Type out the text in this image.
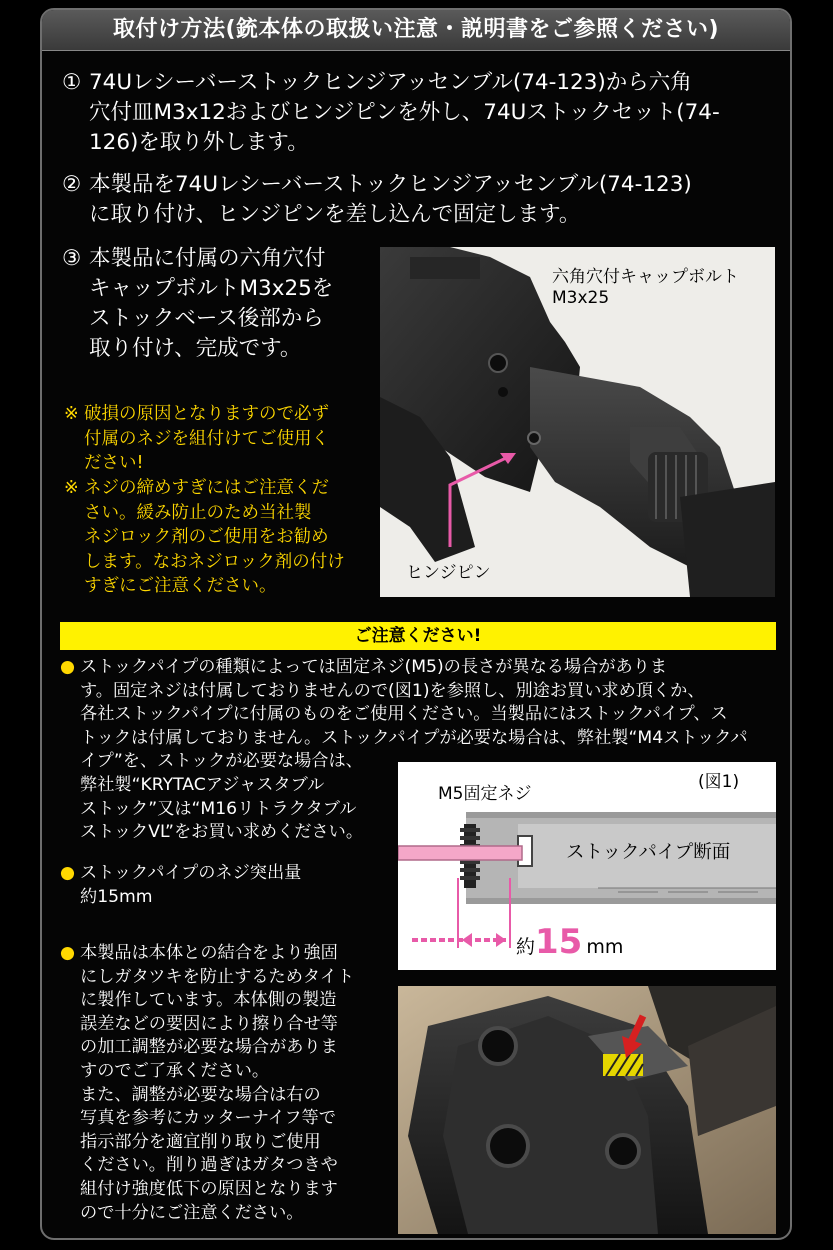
取付け方法(銃本体の取扱い注意・説明書をご参照ください)
① 74Uレシーバーストックヒンジアッセンブル(74-123)から六角
穴付皿M3x12およびヒンジピンを外し、74Uストックセット(74-
126)を取り外します。
② 本製品を74Uレシーバーストックヒンジアッセンブル(74-123)
に取り付け、ヒンジピンを差し込んで固定します。
③ 本製品に付属の六角穴付
キャップボルトM3x25を
ストックベース後部から
取り付け、完成です。
※ 破損の原因となりますので必ず
付属のネジを組付けてご使用く
ださい!
※ ネジの締めすぎにはご注意くだ
さい。緩み防止のため当社製
ネジロック剤のご使用をお勧め
します。なおネジロック剤の付け
すぎにご注意ください。
六角穴付キャップボルト
M3x25
ヒンジピン
ご注意ください!
● ストックパイプの種類によっては固定ネジ(M5)の長さが異なる場合がありま
す。固定ネジは付属しておりませんので(図1)を参照し、別途お買い求め頂くか、
各社ストックパイプに付属のものをご使用ください。当製品にはストックパイプ、ス
トックは付属しておりません。ストックパイプが必要な場合は、弊社製“M4ストックパ
イプ”を、ストックが必要な場合は、
弊社製“KRYTACアジャスタブル
ストック”又は“M16リトラクタブル
ストックVL”をお買い求めください。
● ストックパイプのネジ突出量
約15mm
● 本製品は本体との結合をより強固
にしガタツキを防止するためタイト
に製作しています。本体側の製造
誤差などの要因により擦り合せ等
の加工調整が必要な場合がありま
すのでご了承ください。
また、調整が必要な場合は右の
写真を参考にカッターナイフ等で
指示部分を適宜削り取りご使用
ください。削り過ぎはガタつきや
組付け強度低下の原因となります
ので十分にご注意ください。
(図1)
M5固定ネジ
ストックパイプ断面
約15 mm
